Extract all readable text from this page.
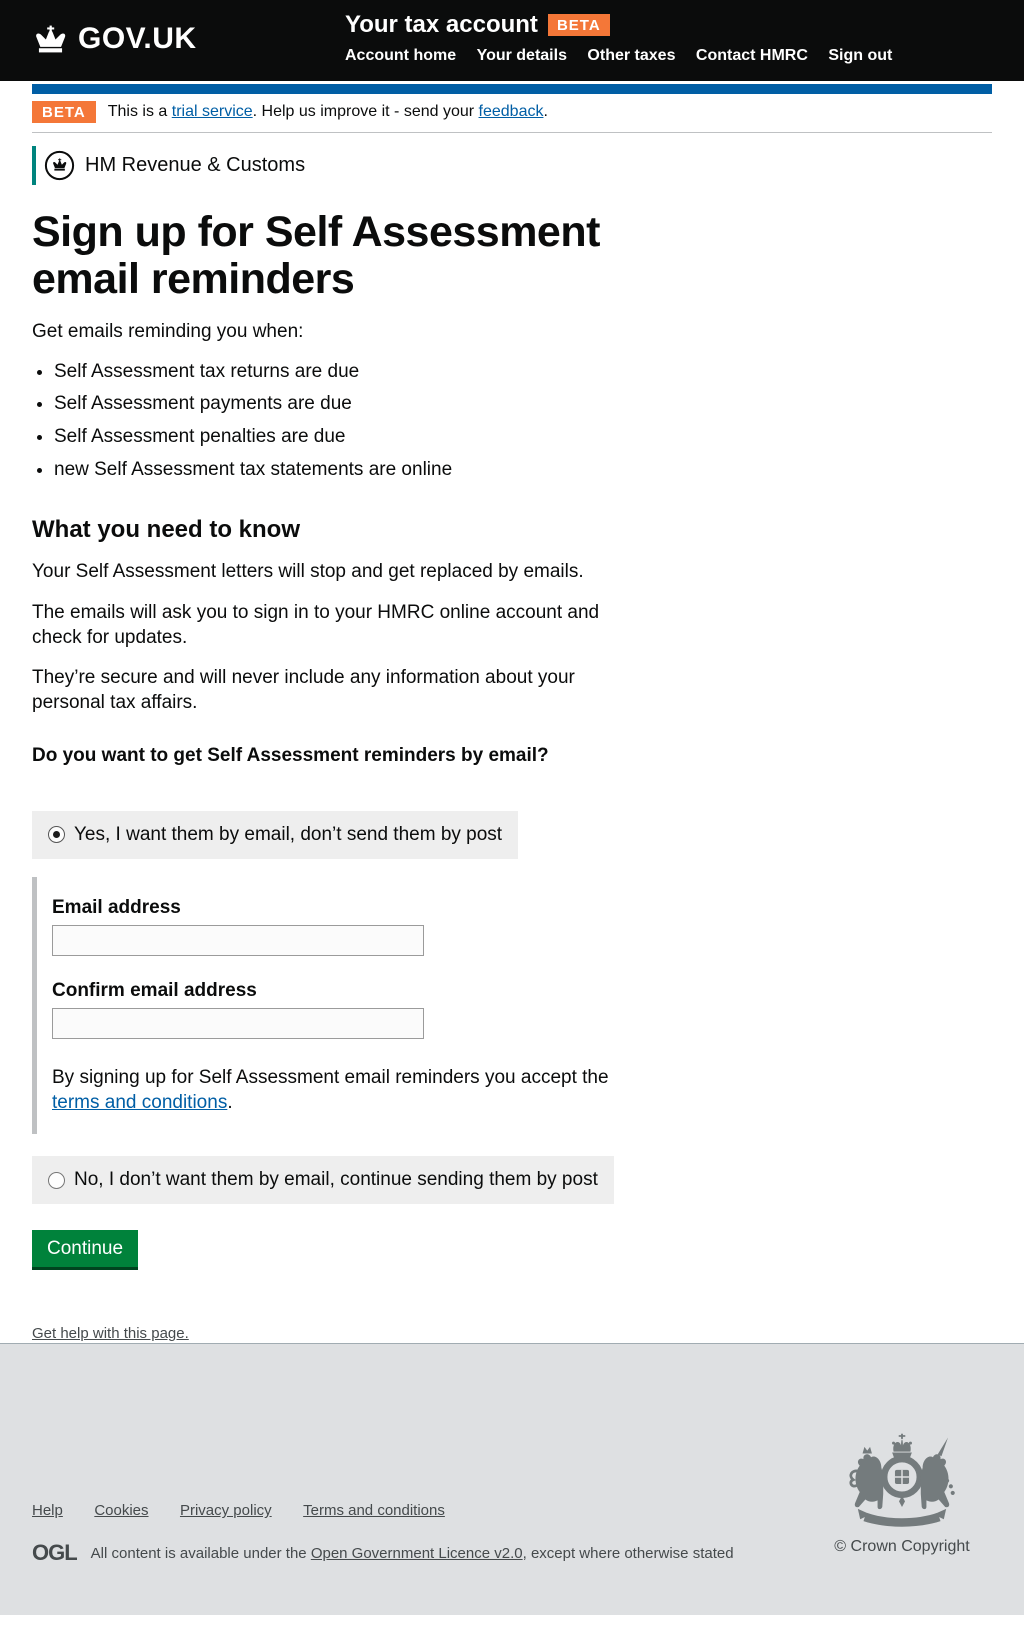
GOV.UK	Your tax account	BETA
Account home Your details Other taxes Contact HMRC Sign out
BETA	This is a trial service. Help us improve it - send your feedback.
HM Revenue & Customs
Sign up for Self Assessment email reminders

Get emails reminding you when:

• Self Assessment tax returns are due
• Self Assessment payments are due
• Self Assessment penalties are due
• new Self Assessment tax statements are online
What you need to know

Your Self Assessment letters will stop and get replaced by emails.

The emails will ask you to sign in to your HMRC online account and check for updates.

They’re secure and will never include any information about your personal tax affairs.

Do you want to get Self Assessment reminders by email?

Yes, I want them by email, don’t send them by post
Email address
Confirm email address

By signing up for Self Assessment email reminders you accept the terms and conditions.

No, I don’t want them by email, continue sending them by post
Continue
Get help with this page.
Help Cookies Privacy policy Terms and conditions
OGL All content is available under the Open Government Licence v2.0, except where otherwise stated	© Crown Copyright
